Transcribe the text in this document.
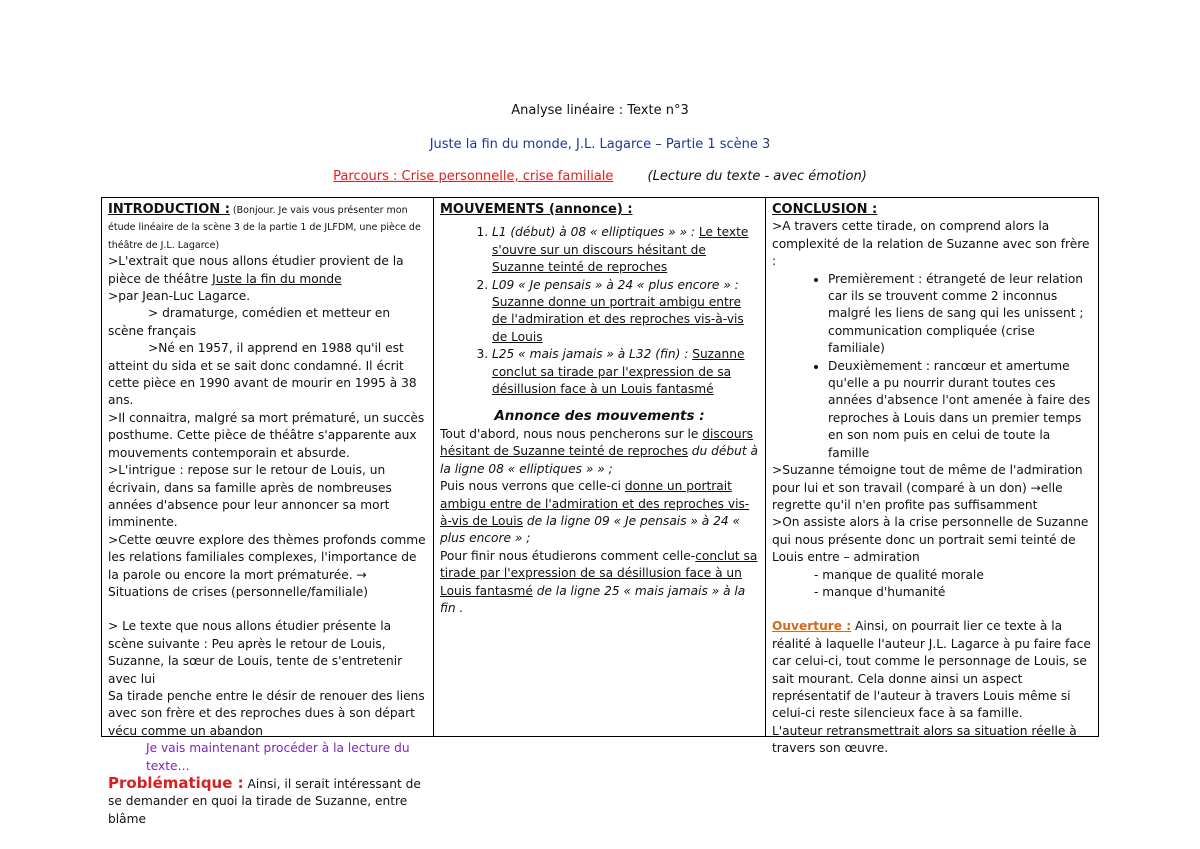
Analyse linéaire : Texte n°3
Juste la fin du monde, J.L. Lagarce – Partie 1 scène 3
Parcours : Crise personnelle, crise familiale	(Lecture du texte - avec émotion)
INTRODUCTION : (Bonjour. Je vais vous présenter mon étude linéaire de la scène 3 de la partie 1 de JLFDM, une pièce de théâtre de J.L. Lagarce)
>L'extrait que nous allons étudier provient de la pièce de théâtre Juste la fin du monde
>par Jean-Luc Lagarce.
> dramaturge, comédien et metteur en scène français
>Né en 1957, il apprend en 1988 qu'il est atteint du sida et se sait donc condamné. Il écrit cette pièce en 1990 avant de mourir en 1995 à 38 ans.
>Il connaitra, malgré sa mort prématuré, un succès posthume. Cette pièce de théâtre s'apparente aux mouvements contemporain et absurde.
>L'intrigue : repose sur le retour de Louis, un écrivain, dans sa famille après de nombreuses années d'absence pour leur annoncer sa mort imminente.
>Cette œuvre explore des thèmes profonds comme les relations familiales complexes, l'importance de la parole ou encore la mort prématurée. → Situations de crises (personnelle/familiale)
> Le texte que nous allons étudier présente la scène suivante : Peu après le retour de Louis, Suzanne, la sœur de Louis, tente de s'entretenir avec lui
Sa tirade penche entre le désir de renouer des liens avec son frère et des reproches dues à son départ vécu comme un abandon
Je vais maintenant procéder à la lecture du texte…
Problématique : Ainsi, il serait intéressant de se demander en quoi la tirade de Suzanne, entre blâme
MOUVEMENTS (annonce) :
1. L1 (début) à 08 « elliptiques » » : Le texte s'ouvre sur un discours hésitant de Suzanne teinté de reproches
2. L09 « Je pensais » à 24 « plus encore » : Suzanne donne un portrait ambigu entre de l'admiration et des reproches vis-à-vis de Louis
3. L25 « mais jamais » à L32 (fin) : Suzanne conclut sa tirade par l'expression de sa désillusion face à un Louis fantasmé
Annonce des mouvements :
Tout d'abord, nous nous pencherons sur le discours hésitant de Suzanne teinté de reproches du début à la ligne 08 « elliptiques » » ;
Puis nous verrons que celle-ci donne un portrait ambigu entre de l'admiration et des reproches vis-à-vis de Louis de la ligne 09 « Je pensais » à 24 « plus encore » ;
Pour finir nous étudierons comment celle-conclut sa tirade par l'expression de sa désillusion face à un Louis fantasmé de la ligne 25 « mais jamais » à la fin .
CONCLUSION :
>A travers cette tirade, on comprend alors la complexité de la relation de Suzanne avec son frère :
• Premièrement : étrangeté de leur relation car ils se trouvent comme 2 inconnus malgré les liens de sang qui les unissent ; communication compliquée (crise familiale)
• Deuxièmement : rancœur et amertume qu'elle a pu nourrir durant toutes ces années d'absence l'ont amenée à faire des reproches à Louis dans un premier temps en son nom puis en celui de toute la famille
>Suzanne témoigne tout de même de l'admiration pour lui et son travail (comparé à un don) →elle regrette qu'il n'en profite pas suffisamment
>On assiste alors à la crise personnelle de Suzanne qui nous présente donc un portrait semi teinté de Louis entre – admiration
- manque de qualité morale
- manque d'humanité
Ouverture : Ainsi, on pourrait lier ce texte à la réalité à laquelle l'auteur J.L. Lagarce à pu faire face car celui-ci, tout comme le personnage de Louis, se sait mourant. Cela donne ainsi un aspect représentatif de l'auteur à travers Louis même si celui-ci reste silencieux face à sa famille.
L'auteur retransmettrait alors sa situation réelle à travers son œuvre.
